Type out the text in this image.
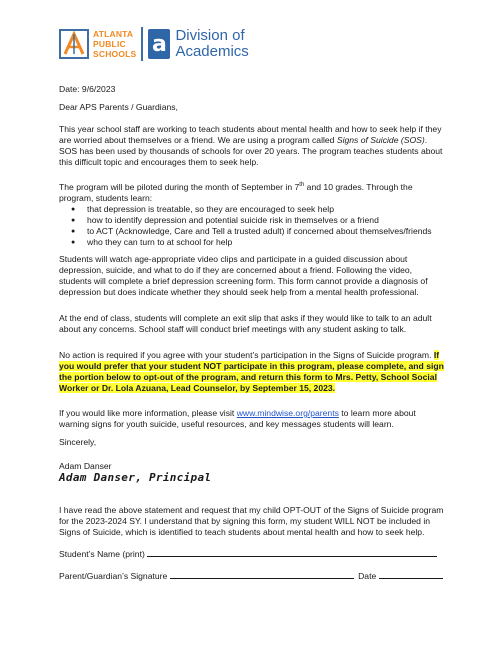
ATLANTA
PUBLIC
SCHOOLS a Division of
Academics

Date: 9/6/2023

Dear APS Parents / Guardians,

This year school staff are working to teach students about mental health and how to seek help if they are worried about themselves or a friend. We are using a program called Signs of Suicide (SOS). SOS has been used by thousands of schools for over 20 years. The program teaches students about this difficult topic and encourages them to seek help.

The program will be piloted during the month of September in 7th and 10 grades. Through the program, students learn:

● that depression is treatable, so they are encouraged to seek help
● how to identify depression and potential suicide risk in themselves or a friend
● to ACT (Acknowledge, Care and Tell a trusted adult) if concerned about themselves/friends
● who they can turn to at school for help

Students will watch age-appropriate video clips and participate in a guided discussion about depression, suicide, and what to do if they are concerned about a friend. Following the video, students will complete a brief depression screening form. This form cannot provide a diagnosis of depression but does indicate whether they should seek help from a mental health professional.

At the end of class, students will complete an exit slip that asks if they would like to talk to an adult about any concerns. School staff will conduct brief meetings with any student asking to talk.

No action is required if you agree with your student’s participation in the Signs of Suicide program. If you would prefer that your student NOT participate in this program, please complete, and sign the portion below to opt-out of the program, and return this form to Mrs. Petty, School Social Worker or Dr. Lola Azuana, Lead Counselor, by September 15, 2023.

If you would like more information, please visit www.mindwise.org/parents to learn more about warning signs for youth suicide, useful resources, and key messages students will learn.

Sincerely,

Adam Danser

Adam Danser, Principal

I have read the above statement and request that my child OPT-OUT of the Signs of Suicide program for the 2023-2024 SY. I understand that by signing this form, my student WILL NOT be included in Signs of Suicide, which is identified to teach students about mental health and how to seek help.

Student’s Name (print)
Parent/Guardian’s Signature	Date
